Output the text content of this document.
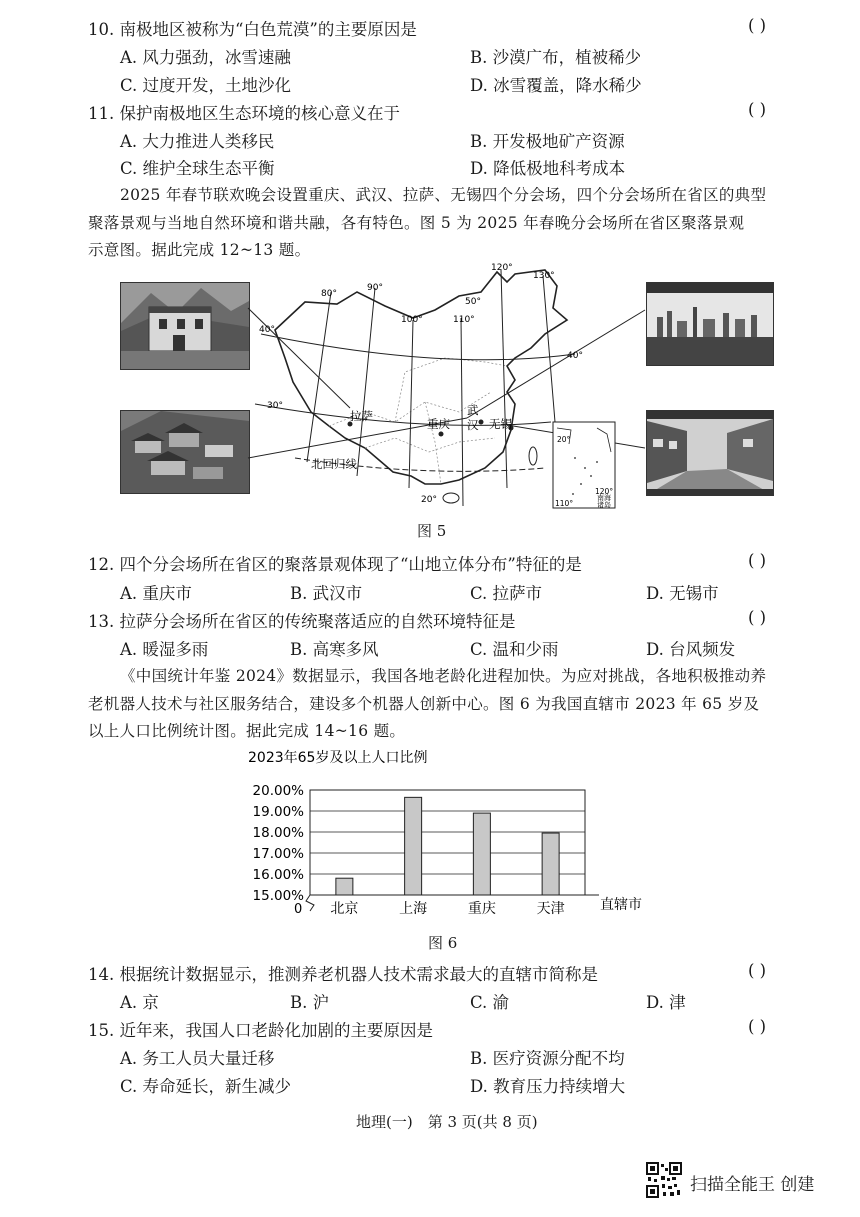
10. 南极地区被称为“白色荒漠”的主要原因是	( )
A. 风力强劲，冰雪速融	B. 沙漠广布，植被稀少
C. 过度开发，土地沙化	D. 冰雪覆盖，降水稀少
11. 保护南极地区生态环境的核心意义在于	( )
A. 大力推进人类移民	B. 开发极地矿产资源
C. 维护全球生态平衡	D. 降低极地科考成本
2025 年春节联欢晚会设置重庆、武汉、拉萨、无锡四个分会场，四个分会场所在省区的典型
聚落景观与当地自然环境和谐共融，各有特色。图 5 为 2025 年春晚分会场所在省区聚落景观
示意图。据此完成 12~13 题。
拉萨
重庆
武
汉 无锡
北回归线
80°
90°
100°	110°
120°
130°
40°
30°
50°
40°
20°
20°
110°
120°
南海
诸岛
图 5
12. 四个分会场所在省区的聚落景观体现了“山地立体分布”特征的是	( )
A. 重庆市	B. 武汉市	C. 拉萨市	D. 无锡市
13. 拉萨分会场所在省区的传统聚落适应的自然环境特征是	( )
A. 暖湿多雨	B. 高寒多风	C. 温和少雨	D. 台风频发
《中国统计年鉴 2024》数据显示，我国各地老龄化进程加快。为应对挑战，各地积极推动养
老机器人技术与社区服务结合，建设多个机器人创新中心。图 6 为我国直辖市 2023 年 65 岁及
以上人口比例统计图。据此完成 14~16 题。
2023年65岁及以上人口比例
20.00%
19.00%
18.00%
17.00%
16.00%
15.00%
北京	上海	重庆	天津
0	直辖市
图 6
14. 根据统计数据显示，推测养老机器人技术需求最大的直辖市简称是	( )
A. 京	B. 沪	C. 渝	D. 津
15. 近年来，我国人口老龄化加剧的主要原因是	( )
A. 务工人员大量迁移	B. 医疗资源分配不均
C. 寿命延长，新生减少	D. 教育压力持续增大
地理(一)　第 3 页(共 8 页)
扫描全能王 创建
